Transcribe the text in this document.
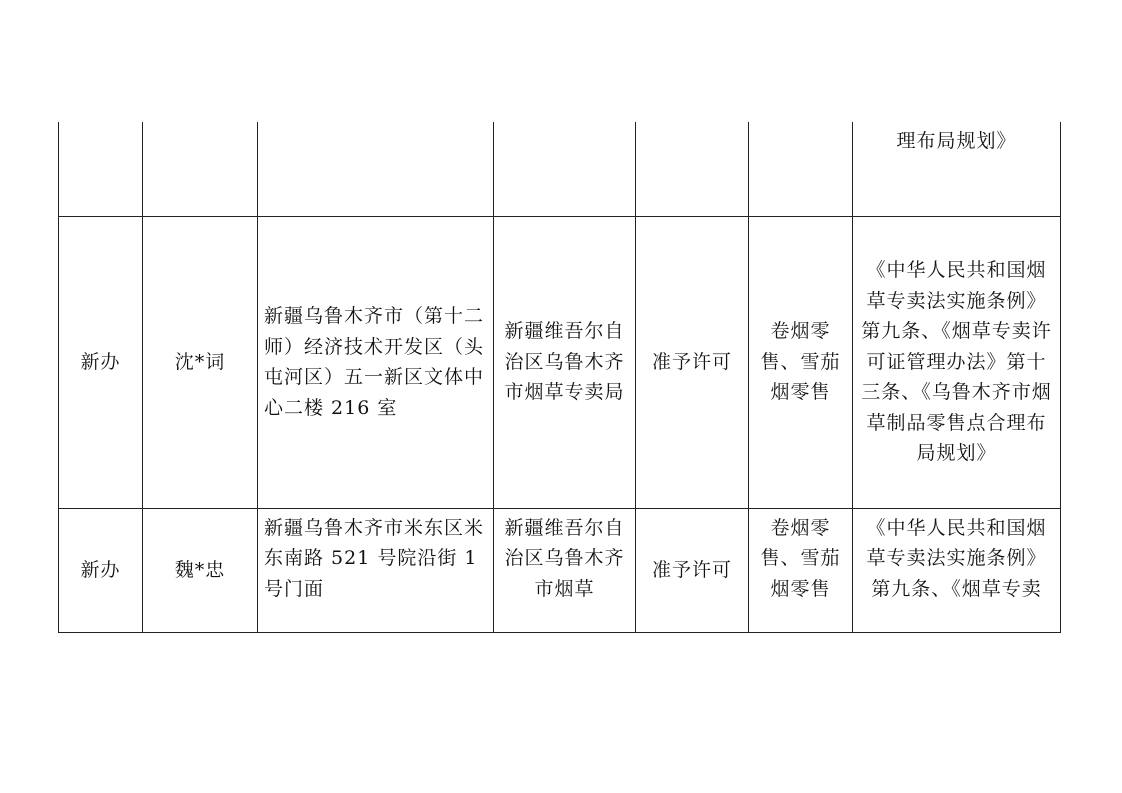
						理布局规划》
新办	沈*词	新疆乌鲁木齐市（第十二师）经济技术开发区（头屯河区）五一新区文体中心二楼 216 室	新疆维吾尔自治区乌鲁木齐市烟草专卖局	准予许可	卷烟零售、雪茄烟零售	《中华人民共和国烟草专卖法实施条例》第九条、《烟草专卖许可证管理办法》第十三条、《乌鲁木齐市烟草制品零售点合理布局规划》
新办	魏*忠	新疆乌鲁木齐市米东区米东南路 521 号院沿街 1 号门面	新疆维吾尔自治区乌鲁木齐市烟草	准予许可	卷烟零售、雪茄烟零售	《中华人民共和国烟草专卖法实施条例》第九条、《烟草专卖
